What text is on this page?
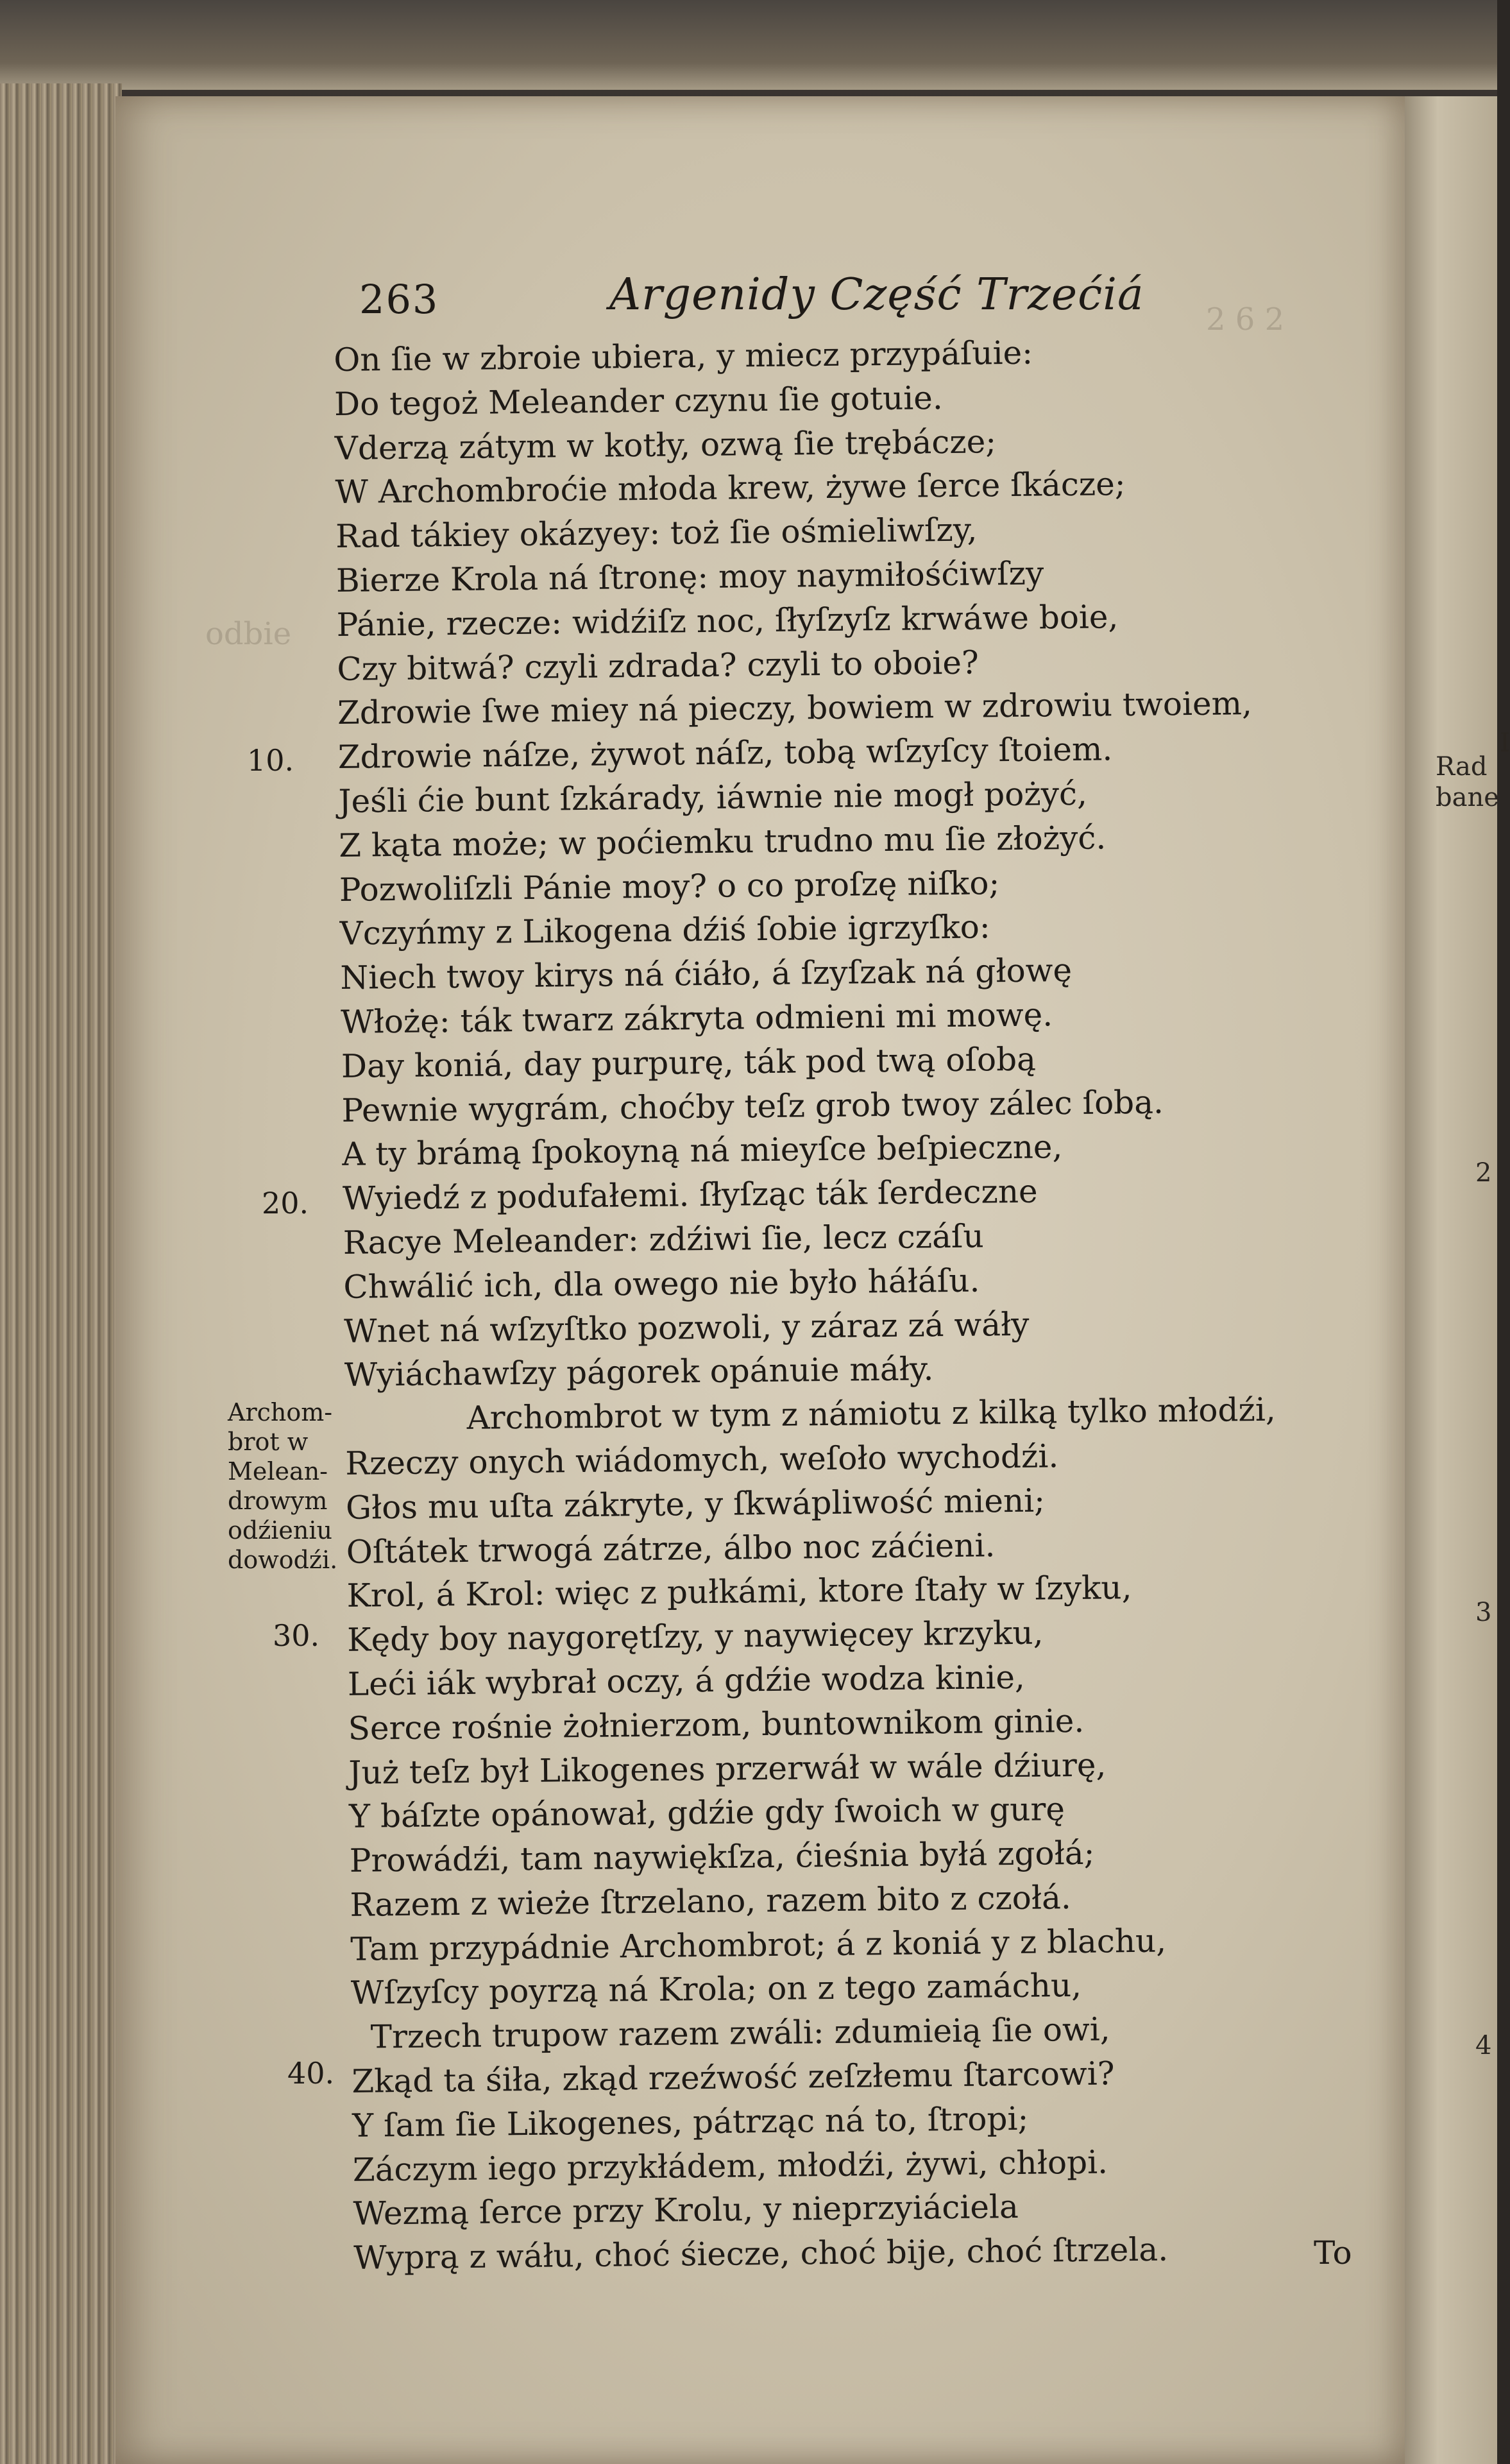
2 6 2
odbie
263	Argenidy Część Trzećiá
On ſie w zbroie ubiera, y miecz przypáſuie:
Do tegoż Meleander czynu ſie gotuie.
Vderzą zátym w kotły, ozwą ſie trębácze;
W Archombroćie młoda krew, żywe ſerce ſkácze;
Rad tákiey okázyey: toż ſie ośmieliwſzy,
Bierze Krola ná ſtronę: moy naymiłośćiwſzy
Pánie, rzecze: widźiſz noc, ſłyſzyſz krwáwe boie,
Czy bitwá? czyli zdrada? czyli to oboie?
Zdrowie ſwe miey ná pieczy, bowiem w zdrowiu twoiem,
Zdrowie náſze, żywot náſz, tobą wſzyſcy ſtoiem.
Jeśli ćie bunt ſzkárady, iáwnie nie mogł pożyć,
Z kąta może; w poćiemku trudno mu ſie złożyć.
Pozwoliſzli Pánie moy? o co proſzę niſko;
Vczyńmy z Likogena dźiś ſobie igrzyſko:
Niech twoy kirys ná ćiáło, á ſzyſzak ná głowę
Włożę: ták twarz zákryta odmieni mi mowę.
Day koniá, day purpurę, ták pod twą oſobą
Pewnie wygrám, choćby teſz grob twoy zálec ſobą.
A ty brámą ſpokoyną ná mieyſce beſpieczne,
Wyiedź z podufałemi. ſłyſząc ták ſerdeczne
Racye Meleander: zdźiwi ſie, lecz czáſu
Chwálić ich, dla owego nie było háłáſu.
Wnet ná wſzyſtko pozwoli, y záraz zá wáły
Wyiáchawſzy págorek opánuie máły.
Archombrot w tym z námiotu z kilką tylko młodźi,
Rzeczy onych wiádomych, weſoło wychodźi.
Głos mu uſta zákryte, y ſkwápliwość mieni;
Oſtátek trwogá zátrze, álbo noc záćieni.
Krol, á Krol: więc z pułkámi, ktore ſtały w ſzyku,
Kędy boy naygorętſzy, y naywięcey krzyku,
Leći iák wybrał oczy, á gdźie wodza kinie,
Serce rośnie żołnierzom, buntownikom ginie.
Już teſz był Likogenes przerwáł w wále dźiurę,
Y báſzte opánował, gdźie gdy ſwoich w gurę
Prowádźi, tam naywiękſza, ćieśnia byłá zgołá;
Razem z wieże ſtrzelano, razem bito z czołá.
Tam przypádnie Archombrot; á z koniá y z blachu,
Wſzyſcy poyrzą ná Krola; on z tego zamáchu,
Trzech trupow razem zwáli: zdumieią ſie owi,
Zkąd ta śiła, zkąd rzeźwość zeſzłemu ſtarcowi?
Y ſam ſie Likogenes, pátrząc ná to, ſtropi;
Záczym iego przykłádem, młodźi, żywi, chłopi.
Wezmą ſerce przy Krolu, y nieprzyiáciela
Wyprą z wáłu, choć śiecze, choć bije, choć ſtrzela.
10.
20.
30.
40.
Archom-
brot w
Melean-
drowym
odźieniu
dowodźi.
To
I
Rad
bane
2
3
4
